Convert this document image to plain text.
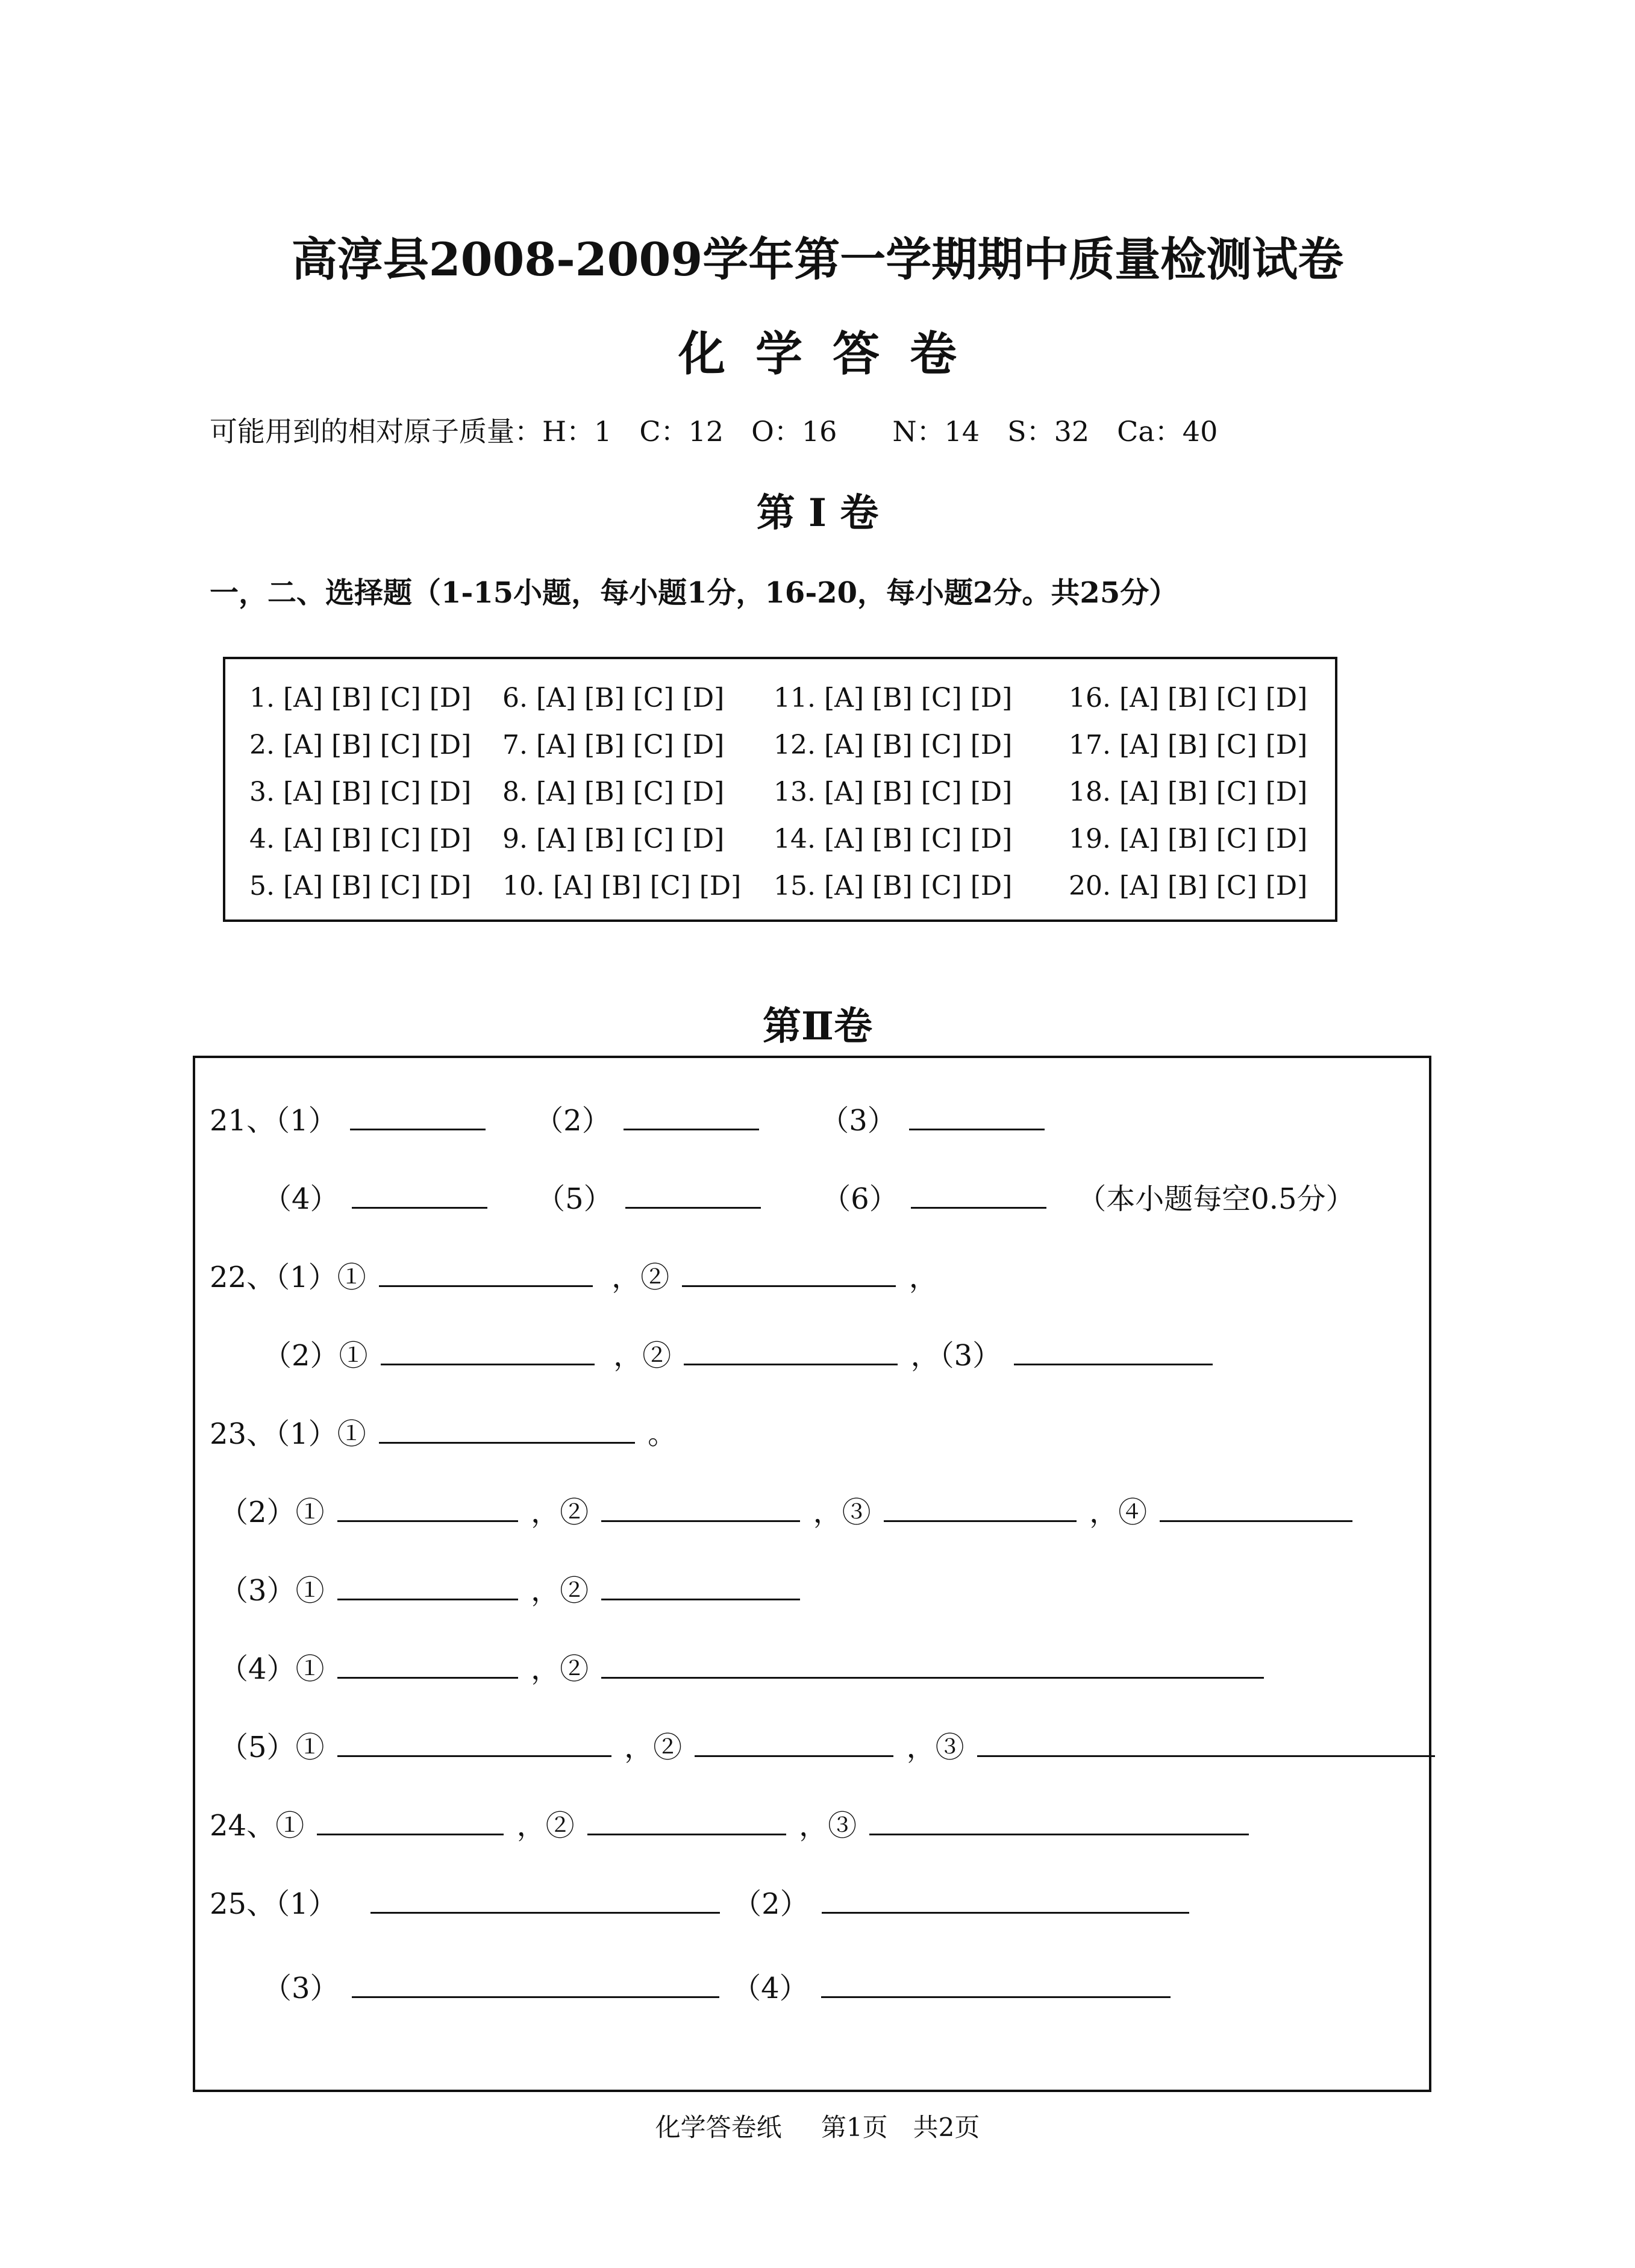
高淳县2008-2009学年第一学期期中质量检测试卷
化学答卷
可能用到的相对原子质量：H：1　C：12　O：16　　N：14　S：32　Ca：40
第 Ⅰ 卷
一，二、选择题（1-15小题，每小题1分，16-20，每小题2分。共25分）
1. [A] [B] [C] [D]
2. [A] [B] [C] [D]
3. [A] [B] [C] [D]
4. [A] [B] [C] [D]
5. [A] [B] [C] [D]
6. [A] [B] [C] [D]
7. [A] [B] [C] [D]
8. [A] [B] [C] [D]
9. [A] [B] [C] [D]
10. [A] [B] [C] [D]
11. [A] [B] [C] [D]
12. [A] [B] [C] [D]
13. [A] [B] [C] [D]
14. [A] [B] [C] [D]
15. [A] [B] [C] [D]
16. [A] [B] [C] [D]
17. [A] [B] [C] [D]
18. [A] [B] [C] [D]
19. [A] [B] [C] [D]
20. [A] [B] [C] [D]
第Ⅱ卷
21、（1）	（2）	（3）
（4）	（5）	（6）	（本小题每空0.5分）
22、（1）①	，②	，
（2）①	，②	，（3）
23、（1）①	。
（2）①	，②	，③	，④
（3）①	，②
（4）①	，②
（5）①	，②	，③
24、①	，②	，③
25、（1）	（2）
（3）	（4）
化学答卷纸　 第1页　共2页
